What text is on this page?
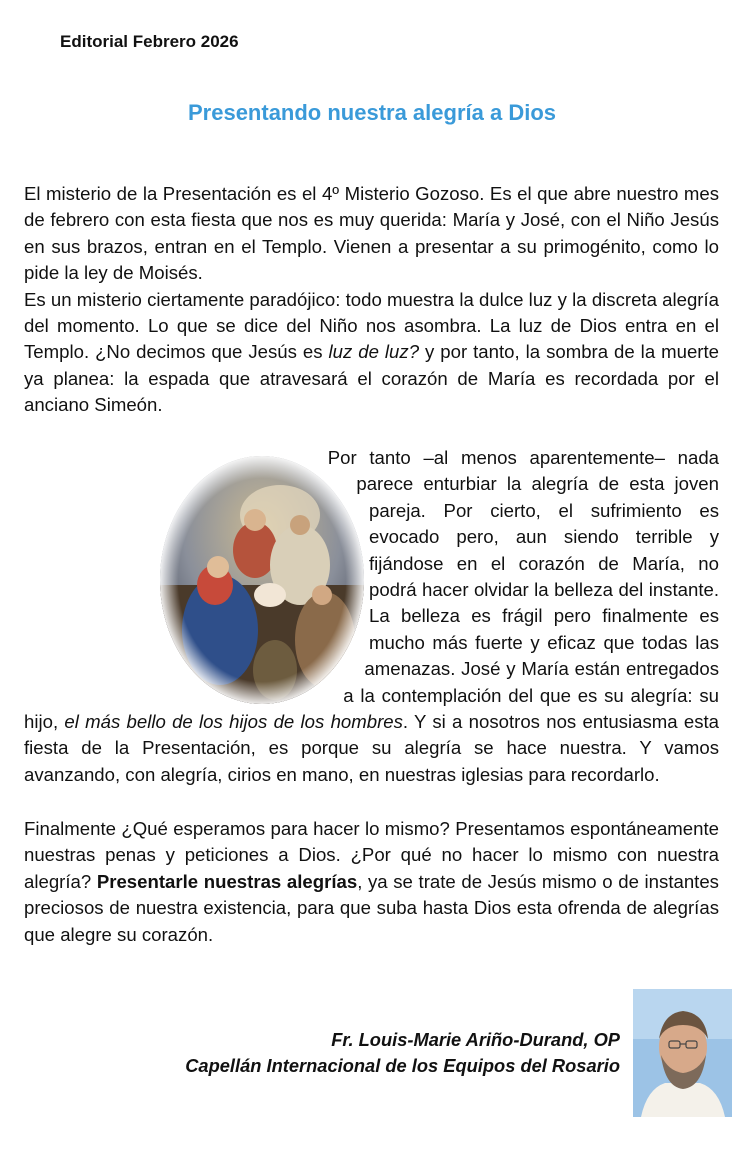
Editorial Febrero 2026
Presentando nuestra alegría a Dios

El misterio de la Presentación es el 4º Misterio Gozoso. Es el que abre nuestro mes de febrero con esta fiesta que nos es muy querida: María y José, con el Niño Jesús en sus brazos, entran en el Templo. Vienen a presentar a su primogénito, como lo pide la ley de Moisés.
Es un misterio ciertamente paradójico: todo muestra la dulce luz y la discreta alegría del momento. Lo que se dice del Niño nos asombra. La luz de Dios entra en el Templo. ¿No decimos que Jesús es luz de luz? y por tanto, la sombra de la muerte ya planea: la espada que atravesará el corazón de María es recordada por el anciano Simeón.

Por tanto –al menos aparentemente– nada parece enturbiar la alegría de esta joven pareja. Por cierto, el sufrimiento es evocado pero, aun siendo terrible y fijándose en el corazón de María, no podrá hacer olvidar la belleza del instante. La belleza es frágil pero finalmente es mucho más fuerte y eficaz que todas las amenazas. José y María están entregados a la contemplación del que es su alegría: su hijo, el más bello de los hijos de los hombres. Y si a nosotros nos entusiasma esta fiesta de la Presentación, es porque su alegría se hace nuestra. Y vamos avanzando, con alegría, cirios en mano, en nuestras iglesias para recordarlo.

Finalmente ¿Qué esperamos para hacer lo mismo? Presentamos espontáneamente nuestras penas y peticiones a Dios. ¿Por qué no hacer lo mismo con nuestra alegría? Presentarle nuestras alegrías, ya se trate de Jesús mismo o de instantes preciosos de nuestra existencia, para que suba hasta Dios esta ofrenda de alegrías que alegre su corazón.

Fr. Louis-Marie Ariño-Durand, OP
Capellán Internacional de los Equipos del Rosario
